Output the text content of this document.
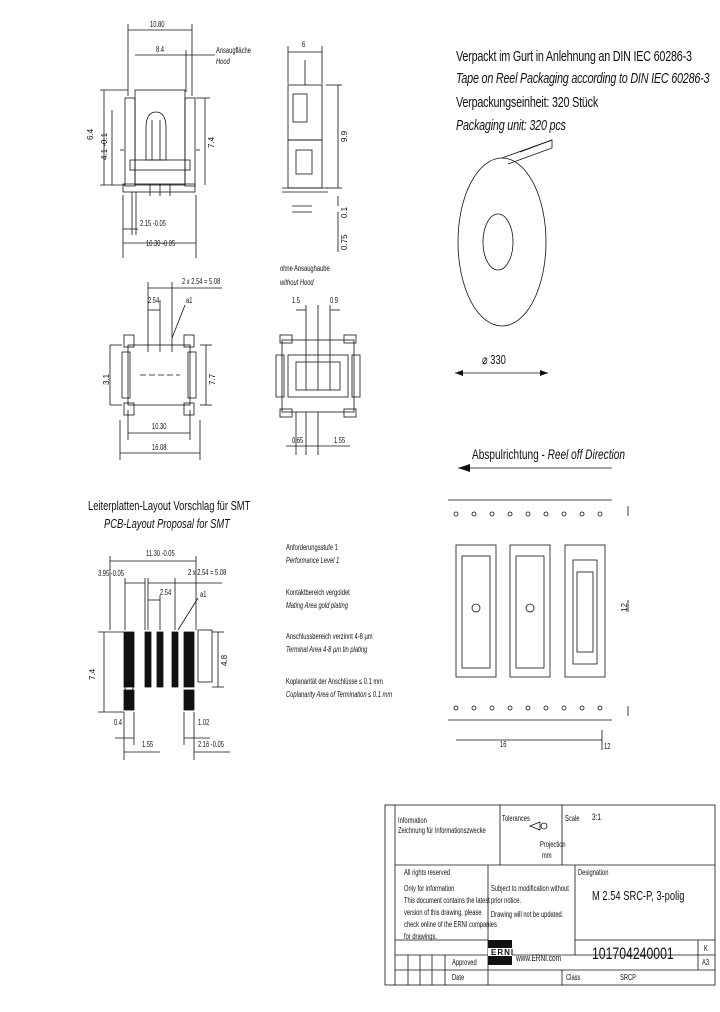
Verpackt im Gurt in Anlehnung an DIN IEC 60286-3
Tape on Reel Packaging according to DIN IEC 60286-3
Verpackungseinheit: 320 Stück
Packaging unit: 320 pcs
⌀ 330
Abspulrichtung - Reel off Direction
10.80
8.4	Ansaugfläche
Hood
6.4 4.1 -0.1	7.4
2.15 -0.05
10.30 -0.05
6
9.9
0.1
0.75
ohne Ansaughaube
without Hood
2 x 2.54 = 5.08
2.54	a1
3.1	7.7
10.30
16.08
1.5	0.9
0.65	1.55
Leiterplatten-Layout Vorschlag für SMT
PCB-Layout Proposal for SMT
11.30 -0.05
3.95 -0.05	2 x 2.54 = 5.08
2.54	a1
7.4
4.8
0.4	1.02
1.55	2.16 -0.05
Anforderungsstufe 1
Performance Level 1
Kontaktbereich vergoldet
Mating Area gold plating
Anschlussbereich verzinnt 4-8 µm
Terminal Area 4-8 µm tin plating
Koplanarität der Anschlüsse ≤ 0.1 mm
Coplanarity Area of Termination ≤ 0.1 mm
16
12
12
Information
Zeichnung für Informationszwecke
Tolerances	Scale 3:1
Projection
mm
All rights reserved
Only for information
This document contains the latest
version of this drawing, please
check online of the ERNI companies
for drawings.
Subject to modification without
prior notice.
Drawing will not be updated.
Designation
M 2.54 SRC-P, 3-polig
www.ERNI.com 101704240001	K
A3
Approved
Date	Class	SRCP
ERNI
